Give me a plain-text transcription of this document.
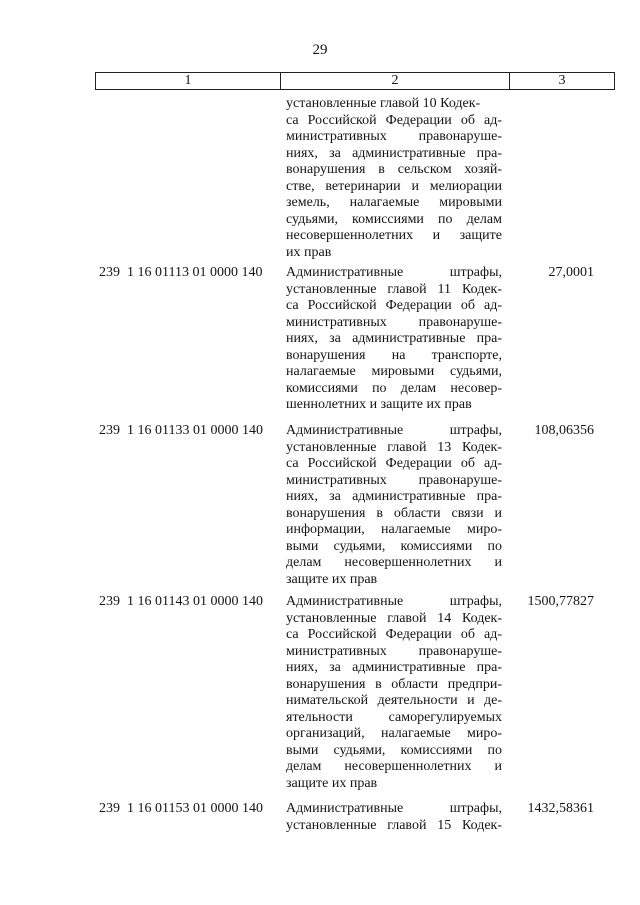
29
1	2	3
установленные главой 10 Кодек-
са Российской Федерации об ад-
министративных правонаруше-
ниях, за административные пра-
вонарушения в сельском хозяй-
стве, ветеринарии и мелиорации
земель, налагаемые мировыми
судьями, комиссиями по делам
несовершеннолетних и защите
их прав
239  1 16 01113 01 0000 140 Административные штрафы,
установленные главой 11 Кодек-
са Российской Федерации об ад-
министративных правонаруше-
ниях, за административные пра-
вонарушения на транспорте,
налагаемые мировыми судьями,
комиссиями по делам несовер-
шеннолетних и защите их прав
27,0001
239  1 16 01133 01 0000 140 Административные штрафы,
установленные главой 13 Кодек-
са Российской Федерации об ад-
министративных правонаруше-
ниях, за административные пра-
вонарушения в области связи и
информации, налагаемые миро-
выми судьями, комиссиями по
делам несовершеннолетних и
защите их прав
108,06356
239  1 16 01143 01 0000 140 Административные штрафы,
установленные главой 14 Кодек-
са Российской Федерации об ад-
министративных правонаруше-
ниях, за административные пра-
вонарушения в области предпри-
нимательской деятельности и де-
ятельности саморегулируемых
организаций, налагаемые миро-
выми судьями, комиссиями по
делам несовершеннолетних и
защите их прав
1500,77827
239  1 16 01153 01 0000 140 Административные штрафы,
установленные главой 15 Кодек-
1432,58361
